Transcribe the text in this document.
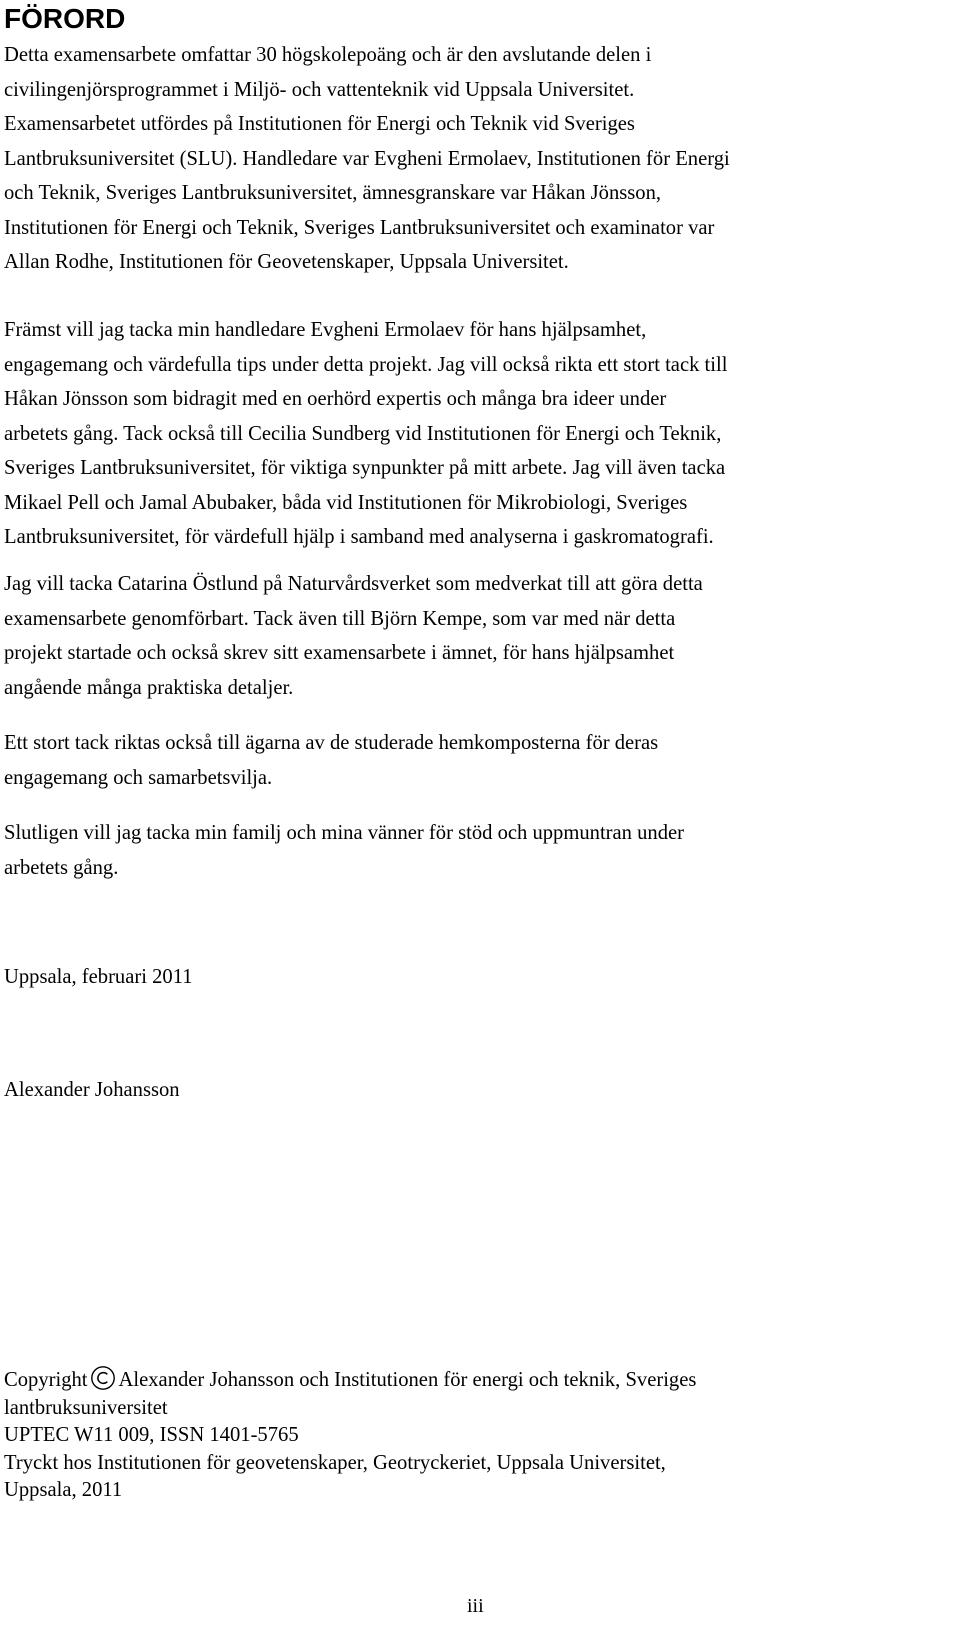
FÖRORD

Detta examensarbete omfattar 30 högskolepoäng och är den avslutande delen i
civilingenjörsprogrammet i Miljö- och vattenteknik vid Uppsala Universitet.
Examensarbetet utfördes på Institutionen för Energi och Teknik vid Sveriges
Lantbruksuniversitet (SLU). Handledare var Evgheni Ermolaev, Institutionen för Energi
och Teknik, Sveriges Lantbruksuniversitet, ämnesgranskare var Håkan Jönsson,
Institutionen för Energi och Teknik, Sveriges Lantbruksuniversitet och examinator var
Allan Rodhe, Institutionen för Geovetenskaper, Uppsala Universitet.

Främst vill jag tacka min handledare Evgheni Ermolaev för hans hjälpsamhet,
engagemang och värdefulla tips under detta projekt. Jag vill också rikta ett stort tack till
Håkan Jönsson som bidragit med en oerhörd expertis och många bra ideer under
arbetets gång. Tack också till Cecilia Sundberg vid Institutionen för Energi och Teknik,
Sveriges Lantbruksuniversitet, för viktiga synpunkter på mitt arbete. Jag vill även tacka
Mikael Pell och Jamal Abubaker, båda vid Institutionen för Mikrobiologi, Sveriges
Lantbruksuniversitet, för värdefull hjälp i samband med analyserna i gaskromatografi.

Jag vill tacka Catarina Östlund på Naturvårdsverket som medverkat till att göra detta
examensarbete genomförbart. Tack även till Björn Kempe, som var med när detta
projekt startade och också skrev sitt examensarbete i ämnet, för hans hjälpsamhet
angående många praktiska detaljer.

Ett stort tack riktas också till ägarna av de studerade hemkomposterna för deras
engagemang och samarbetsvilja.

Slutligen vill jag tacka min familj och mina vänner för stöd och uppmuntran under
arbetets gång.

Uppsala, februari 2011

Alexander Johansson

Copyright Alexander Johansson och Institutionen för energi och teknik, Sveriges
lantbruksuniversitet
UPTEC W11 009, ISSN 1401-5765
Tryckt hos Institutionen för geovetenskaper, Geotryckeriet, Uppsala Universitet,
Uppsala, 2011
iii
